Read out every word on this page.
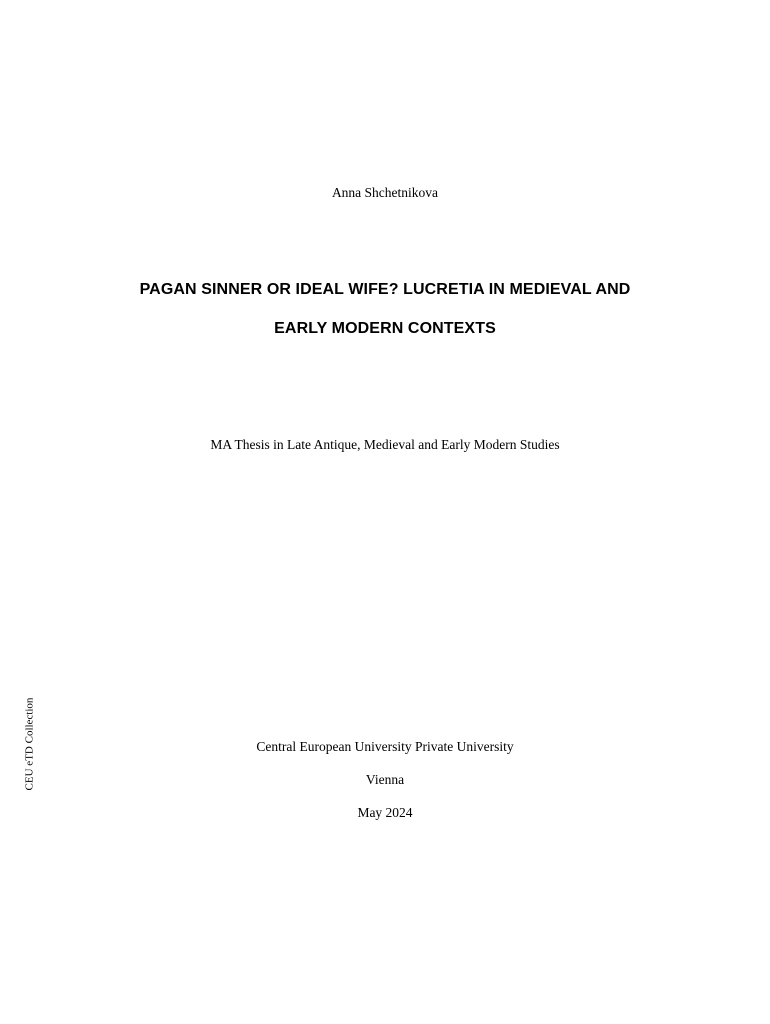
Anna Shchetnikova
PAGAN SINNER OR IDEAL WIFE? LUCRETIA IN MEDIEVAL AND
EARLY MODERN CONTEXTS
MA Thesis in Late Antique, Medieval and Early Modern Studies
Central European University Private University
Vienna
May 2024
CEU eTD Collection
